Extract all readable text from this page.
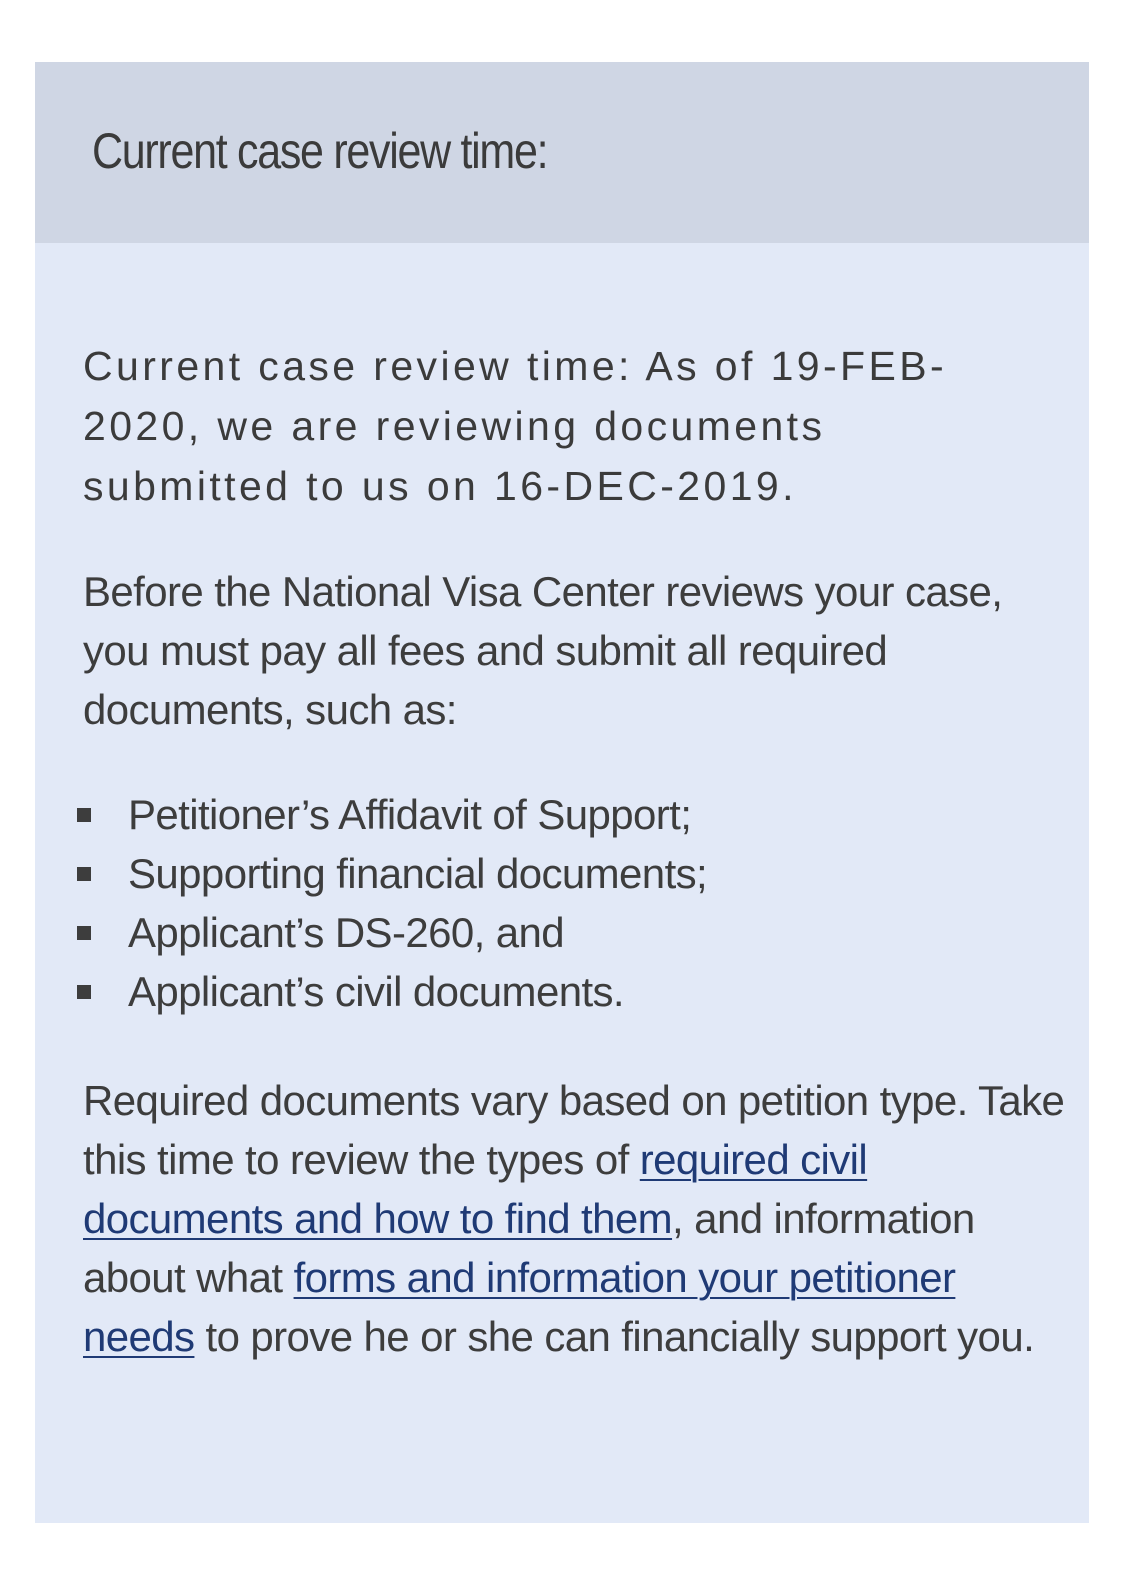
Current case review time:

Current case review time: As of 19-FEB-2020, we are reviewing documents submitted to us on 16-DEC-2019.

Before the National Visa Center reviews your case, you must pay all fees and submit all required documents, such as:

Petitioner’s Affidavit of Support;
Supporting financial documents;
Applicant’s DS-260, and
Applicant’s civil documents.

Required documents vary based on petition type. Take this time to review the types of required civil documents and how to find them, and information about what forms and information your petitioner needs to prove he or she can financially support you.
